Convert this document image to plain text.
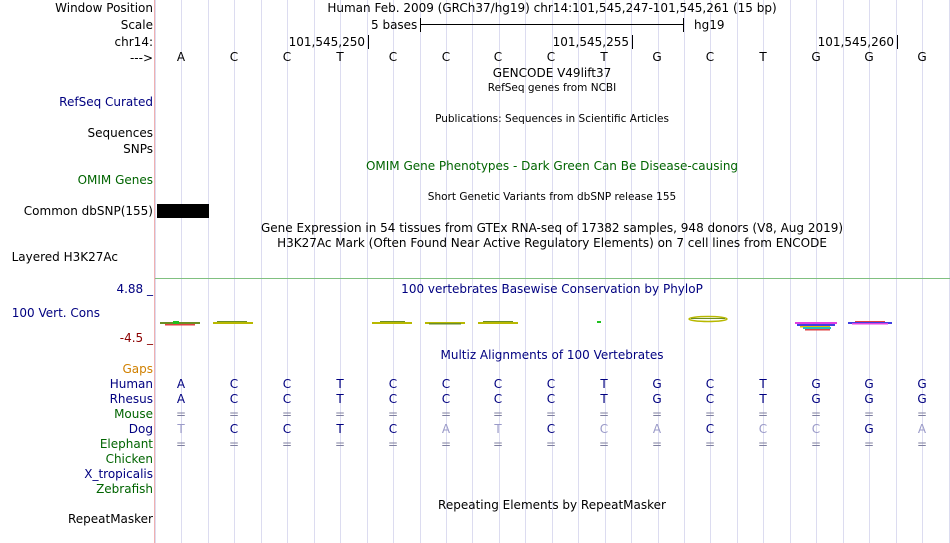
Window Position	Human Feb. 2009 (GRCh37/hg19) chr14:101,545,247-101,545,261 (15 bp)
Scale	5 bases	hg19
chr14:	101,545,250	101,545,255	101,545,260
--->	A	C	C	T	C	C	C	C	T	G	C	T	G	G	G
GENCODE V49lift37
RefSeq genes from NCBI
RefSeq Curated
Publications: Sequences in Scientific Articles
Sequences
SNPs
OMIM Gene Phenotypes - Dark Green Can Be Disease-causing
OMIM Genes
Short Genetic Variants from dbSNP release 155
Common dbSNP(155)
Gene Expression in 54 tissues from GTEx RNA-seq of 17382 samples, 948 donors (V8, Aug 2019)
H3K27Ac Mark (Often Found Near Active Regulatory Elements) on 7 cell lines from ENCODE
Layered H3K27Ac
4.88 _	100 vertebrates Basewise Conservation by PhyloP
100 Vert. Cons
-4.5 _
Multiz Alignments of 100 Vertebrates
Gaps
Human	A	C	C	T	C	C	C	C	T	G	C	T	G	G	G
Rhesus	A	C	C	T	C	C	C	C	T	G	C	T	G	G	G
Mouse	=	=	=	=	=	=	=	=	=	=	=	=	=	=	=
Dog	T	C	C	T	C	A	T	C	C	A	C	C	C	G	A
Elephant	=	=	=	=	=	=	=	=	=	=	=	=	=	=	=
Chicken
X_tropicalis
Zebrafish
Repeating Elements by RepeatMasker
RepeatMasker
